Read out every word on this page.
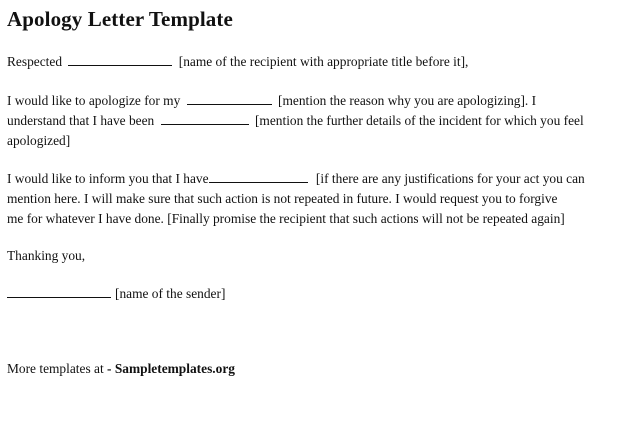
Apology Letter Template

Respected	[name of the recipient with appropriate title before it],

I would like to apologize for my	[mention the reason why you are apologizing]. I
understand that I have been	[mention the further details of the incident for which you feel
apologized]

I would like to inform you that I have	[if there are any justifications for your act you can
mention here. I will make sure that such action is not repeated in future. I would request you to forgive
me for whatever I have done. [Finally promise the recipient that such actions will not be repeated again]

Thanking you,

[name of the sender]

More templates at - Sampletemplates.org
